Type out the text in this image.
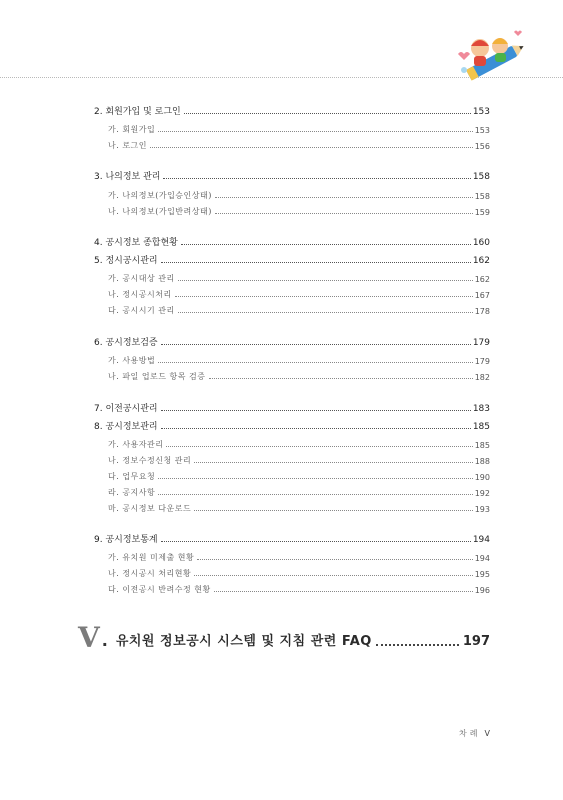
2. 회원가입 및 로그인	153
가. 회원가입	153
나. 로그인	156
3. 나의정보 관리	158
가. 나의정보(가입승인상태)	158
나. 나의정보(가입반려상태)	159
4. 공시정보 종합현황	160
5. 정시공시관리	162
가. 공시대상 관리	162
나. 정시공시처리	167
다. 공시시기 관리	178
6. 공시정보검증	179
가. 사용방법	179
나. 파일 업로드 항목 검증	182
7. 이전공시관리	183
8. 공시정보관리	185
가. 사용자관리	185
나. 정보수정신청 관리	188
다. 업무요청	190
라. 공지사항	192
마. 공시정보 다운로드	193
9. 공시정보통계	194
가. 유치원 미제출 현황	194
나. 정시공시 처리현황	195
다. 이전공시 반려수정 현황	196
V . 유치원 정보공시 시스템 및 지침 관련 FAQ	197
차례 V
